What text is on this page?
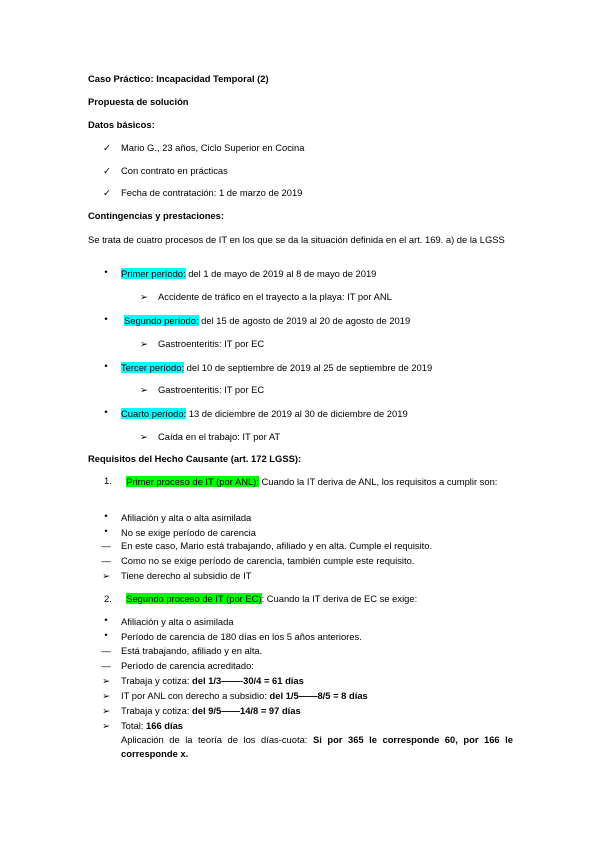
Caso Práctico: Incapacidad Temporal (2)
Propuesta de solución
Datos básicos:
✓ Mario G., 23 años, Ciclo Superior en Cocina
✓ Con contrato en prácticas
✓ Fecha de contratación: 1 de marzo de 2019
Contingencias y prestaciones:
Se trata de cuatro procesos de IT en los que se da la situación definida en el art. 169. a) de la LGSS
•	Primer período: del 1 de mayo de 2019 al 8 de mayo de 2019
➢ Accidente de tráfico en el trayecto a la playa: IT por ANL
•	Segundo período: del 15 de agosto de 2019 al 20 de agosto de 2019
➢ Gastroenteritis: IT por EC
•	Tercer período: del 10 de septiembre de 2019 al 25 de septiembre de 2019
➢ Gastroenteritis: IT por EC
•	Cuarto período: 13 de diciembre de 2019 al 30 de diciembre de 2019
➢ Caída en el trabajo: IT por AT
Requisitos del Hecho Causante (art. 172 LGSS):
1.	Primer proceso de IT (por ANL): Cuando la IT deriva de ANL, los requisitos a cumplir son:
•	Afiliación y alta o alta asimilada
•	No se exige período de carencia
— En este caso, Mario está trabajando, afiliado y en alta. Cumple el requisito.
— Como no se exige período de carencia, también cumple este requisito.
➢ Tiene derecho al subsidio de IT
2.	Segundo proceso de IT (por EC): Cuando la IT deriva de EC se exige:
•	Afiliación y alta o asimilada
•	Período de carencia de 180 días en los 5 años anteriores.
— Está trabajando, afiliado y en alta.
— Período de carencia acreditado:
➢ Trabaja y cotiza: del 1/3——-30/4 = 61 días
➢ IT por ANL con derecho a subsidio: del 1/5——8/5 = 8 días
➢ Trabaja y cotiza: del 9/5——14/8 = 97 días
➢ Total: 166 días
Aplicación de la teoría de los días-cuota: Si por 365 le corresponde 60, por 166 le corresponde x.
